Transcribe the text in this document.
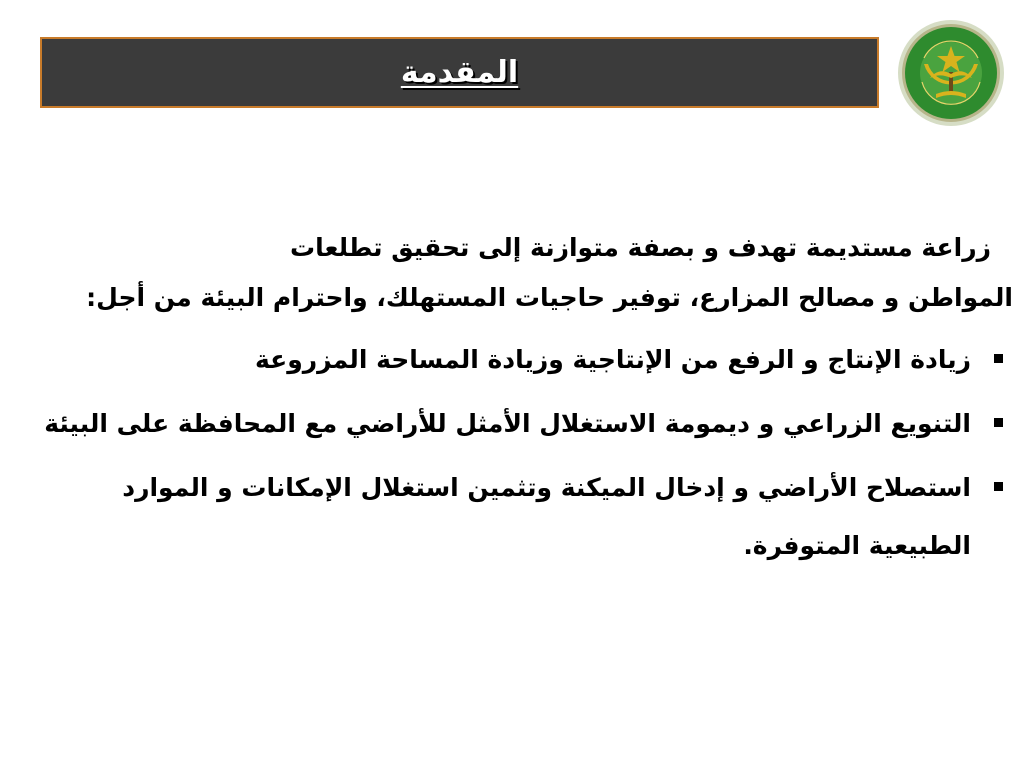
المقدمة
زراعة مستديمة تهدف و بصفة متوازنة إلى تحقيق تطلعات
المواطن و مصالح المزارع، توفير حاجيات المستهلك، واحترام البيئة من أجل:
زيادة الإنتاج و الرفع من الإنتاجية وزيادة المساحة المزروعة
التنويع الزراعي و ديمومة الاستغلال الأمثل للأراضي مع المحافظة على البيئة
استصلاح الأراضي و إدخال الميكنة وتثمين استغلال الإمكانات و الموارد الطبيعية المتوفرة.
